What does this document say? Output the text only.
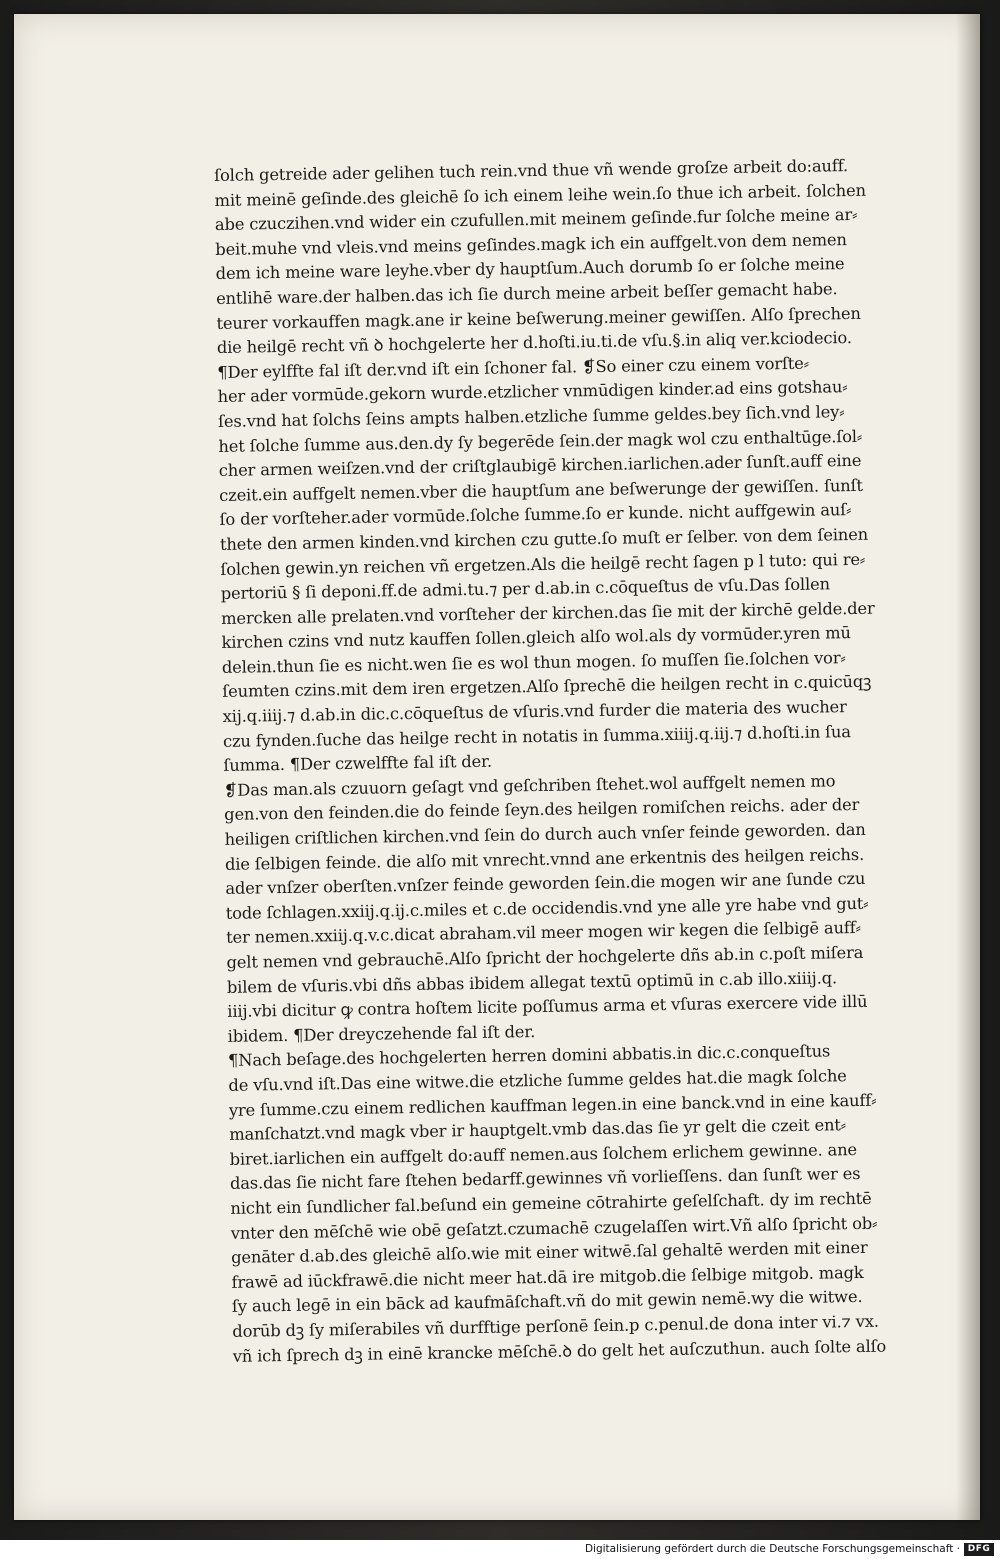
ſolch getreide ader gelihen tuch rein.vnd thue vñ wende groſze arbeit do:auff.
mit meinē geſinde.des gleichē ſo ich einem leihe wein.ſo thue ich arbeit. ſolchen
abe czuczihen.vnd wider ein czufullen.mit meinem geſinde.fur ſolche meine ar⸗
beit.muhe vnd vleis.vnd meins geſindes.magk ich ein auffgelt.von dem nemen
dem ich meine ware leyhe.vber dy hauptſum.Auch dorumb ſo er ſolche meine
entlihē ware.der halben.das ich ſie durch meine arbeit beſſer gemacht habe.
teurer vorkauffen magk.ane ir keine beſwerung.meiner gewiſſen. Alſo ſprechen
die heilgē recht vñ ꝺ hochgelerte her d.hoſti.iu.ti.de vſu.§.in aliq ver.kciodecio.
¶Der eylffte fal iſt der.vnd iſt ein ſchoner fal. ❡So einer czu einem vorſte⸗
her ader vormūde.gekorn wurde.etzlicher vnmūdigen kinder.ad eins gotshau⸗
ſes.vnd hat ſolchs ſeins ampts halben.etzliche ſumme geldes.bey ſich.vnd ley⸗
het ſolche ſumme aus.den.dy ſy begerēde ſein.der magk wol czu enthaltūge.ſol⸗
cher armen weiſzen.vnd der criſtglaubigē kirchen.iarlichen.ader ſunſt.auff eine
czeit.ein auffgelt nemen.vber die hauptſum ane beſwerunge der gewiſſen. ſunſt
ſo der vorſteher.ader vormūde.ſolche ſumme.ſo er kunde. nicht auffgewin auſ⸗
thete den armen kinden.vnd kirchen czu gutte.ſo muſt er ſelber. von dem ſeinen
ſolchen gewin.yn reichen vñ ergetzen.Als die heilgē recht ſagen p l tuto: qui re⸗
pertoriū § ſi deponi.ff.de admi.tu.⁊ per d.ab.in c.cōqueſtus de vſu.Das ſollen
mercken alle prelaten.vnd vorſteher der kirchen.das ſie mit der kirchē gelde.der
kirchen czins vnd nutz kauffen ſollen.gleich alſo wol.als dy vormūder.yren mū
delein.thun ſie es nicht.wen ſie es wol thun mogen. ſo muſſen ſie.ſolchen vor⸗
ſeumten czins.mit dem iren ergetzen.Alſo ſprechē die heilgen recht in c.quicūqꝫ
xij.q.iiij.⁊ d.ab.in dic.c.cōqueſtus de vſuris.vnd furder die materia des wucher
czu fynden.ſuche das heilge recht in notatis in ſumma.xiiij.q.iij.⁊ d.hoſti.in ſua
ſumma. ¶Der czwelffte fal iſt der.
❡Das man.als czuuorn geſagt vnd geſchriben ſtehet.wol auffgelt nemen mo
gen.von den feinden.die do feinde ſeyn.des heilgen romiſchen reichs. ader der
heiligen criſtlichen kirchen.vnd ſein do durch auch vnſer feinde geworden. dan
die ſelbigen feinde. die alſo mit vnrecht.vnnd ane erkentnis des heilgen reichs.
ader vnſzer oberſten.vnſzer feinde geworden ſein.die mogen wir ane ſunde czu
tode ſchlagen.xxiij.q.ij.c.miles et c.de occidendis.vnd yne alle yre habe vnd gut⸗
ter nemen.xxiij.q.v.c.dicat abraham.vil meer mogen wir kegen die ſelbigē auff⸗
gelt nemen vnd gebrauchē.Alſo ſpricht der hochgelerte dñs ab.in c.poſt miſera
bilem de vſuris.vbi dñs abbas ibidem allegat textū optimū in c.ab illo.xiiij.q.
iiij.vbi dicitur ꝙ contra hoſtem licite poſſumus arma et vſuras exercere vide illū
ibidem. ¶Der dreyczehende fal iſt der.
¶Nach beſage.des hochgelerten herren domini abbatis.in dic.c.conqueſtus
de vſu.vnd iſt.Das eine witwe.die etzliche ſumme geldes hat.die magk ſolche
yre ſumme.czu einem redlichen kauffman legen.in eine banck.vnd in eine kauff⸗
manſchatzt.vnd magk vber ir hauptgelt.vmb das.das ſie yr gelt die czeit ent⸗
biret.iarlichen ein auffgelt do:auff nemen.aus ſolchem erlichem gewinne. ane
das.das ſie nicht fare ſtehen bedarff.gewinnes vñ vorlieſſens. dan ſunſt wer es
nicht ein ſundlicher fal.beſund ein gemeine cōtrahirte geſelſchaft. dy im rechtē
vnter den mēſchē wie obē geſatzt.czumachē czugelaſſen wirt.Vñ alſo ſpricht ob⸗
genāter d.ab.des gleichē alſo.wie mit einer witwē.ſal gehaltē werden mit einer
frawē ad iūckfrawē.die nicht meer hat.dā ire mitgob.die ſelbige mitgob. magk
ſy auch legē in ein bāck ad kaufmāſchaft.vñ do mit gewin nemē.wy die witwe.
dorūb dꝫ ſy miſerabiles vñ durfftige perſonē ſein.p c.penul.de dona inter vi.⁊ vx.
vñ ich ſprech dꝫ in einē krancke mēſchē.ꝺ do gelt het auſczuthun. auch ſolte alſo
Digitalisierung gefördert durch die Deutsche Forschungsgemeinschaft · DFG
